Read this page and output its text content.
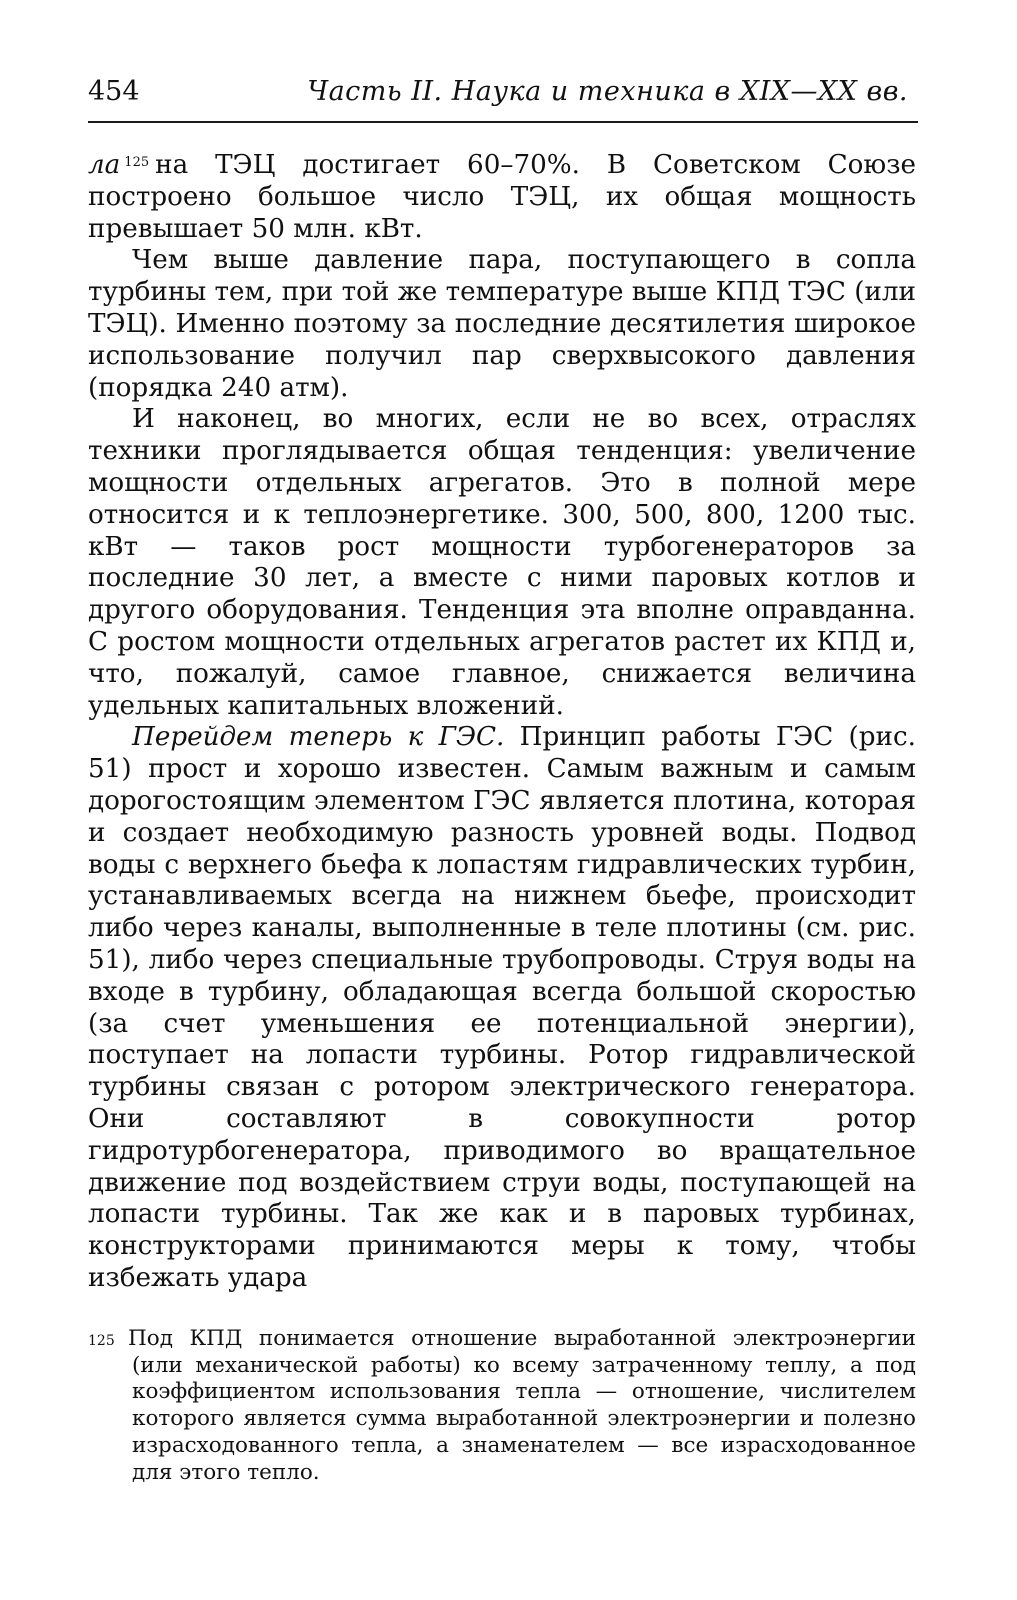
454	Часть II. Наука и техника в XIX—XX вв.

ла $^{125}$ на ТЭЦ достигает 60–70%. В Советском Союзе построено большое число ТЭЦ, их общая мощность превышает 50 млн. кВт.

Чем выше давление пара, поступающего в сопла турбины тем, при той же температуре выше КПД ТЭС (или ТЭЦ). Именно поэтому за последние десятилетия широкое использование получил пар сверхвысокого давления (порядка 240 атм).

И наконец, во многих, если не во всех, отраслях техники проглядывается общая тенденция: увеличение мощности отдельных агрегатов. Это в полной мере относится и к теплоэнергетике. 300, 500, 800, 1200 тыс. кВт — таков рост мощности турбогенераторов за последние 30 лет, а вместе с ними паровых котлов и другого оборудования. Тенденция эта вполне оправданна. С ростом мощности отдельных агрегатов растет их КПД и, что, пожалуй, самое главное, снижается величина удельных капитальных вложений.

Перейдем теперь к ГЭС. Принцип работы ГЭС (рис. 51) прост и хорошо известен. Самым важным и самым дорогостоящим элементом ГЭС является плотина, которая и создает необходимую разность уровней воды. Подвод воды с верхнего бьефа к лопастям гидравлических турбин, устанавливаемых всегда на нижнем бьефе, происходит либо через каналы, выполненные в теле плотины (см. рис. 51), либо через специальные трубопроводы. Струя воды на входе в турбину, обладающая всегда большой скоростью (за счет уменьшения ее потенциальной энергии), поступает на лопасти турбины. Ротор гидравлической турбины связан с ротором электрического генератора. Они составляют в совокупности ротор гидротурбогенератора, приводимого во вращательное движение под воздействием струи воды, поступающей на лопасти турбины. Так же как и в паровых турбинах, конструкторами принимаются меры к тому, чтобы избежать удара

125 Под КПД понимается отношение выработанной электроэнергии (или механической работы) ко всему затраченному теплу, а под коэффициентом использования тепла — отношение, числителем которого является сумма выработанной электроэнергии и полезно израсходованного тепла, а знаменателем — все израсходованное для этого тепло.
